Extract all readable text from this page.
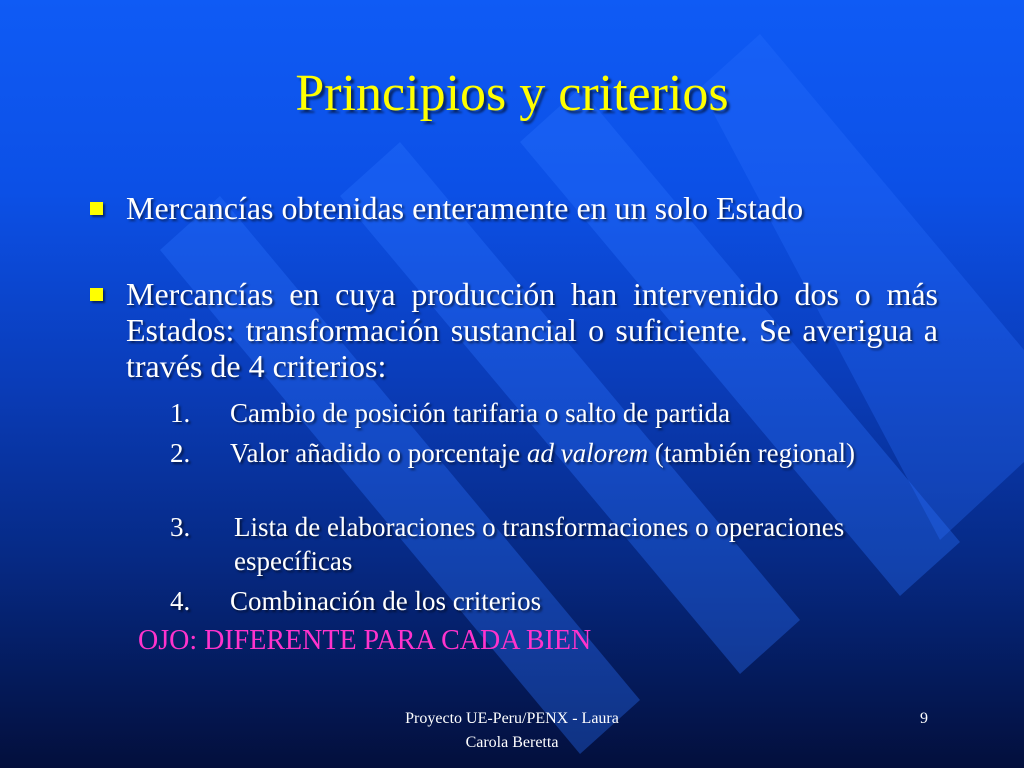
Principios y criterios
Mercancías obtenidas enteramente en un solo Estado
Mercancías en cuya producción han intervenido dos o más Estados: transformación sustancial o suficiente. Se averigua a través de 4 criterios:
1. Cambio de posición tarifaria o salto de partida
2. Valor añadido o porcentaje ad valorem (también regional)
3. Lista de elaboraciones o transformaciones o operaciones específicas
4. Combinación de los criterios
OJO: DIFERENTE PARA CADA BIEN
Proyecto UE-Peru/PENX - Laura
Carola Beretta
9
